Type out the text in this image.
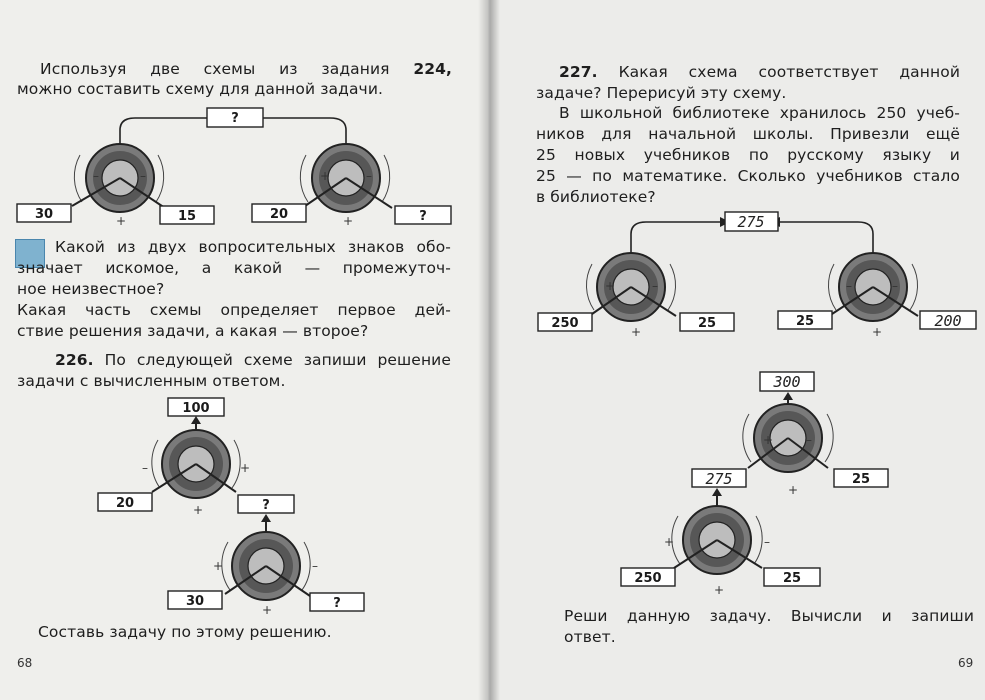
Используя две схемы из задания 224,
можно составить схему для данной задачи.
?
–	–
+
30	15
+	–
+
20	?
Какой из двух вопросительных знаков обо-
значает искомое, а какой — промежуточ-
ное неизвестное?
Какая часть схемы определяет первое дей-
ствие решения задачи, а какая — второе?
226. По следующей схеме запиши решение
задачи с вычисленным ответом.
100
–	+
+
20	?
+	–
+
30	?
Составь задачу по этому решению.
68
227. Какая схема соответствует данной
задаче? Перерисуй эту схему.
В школьной библиотеке хранилось 250 учеб-
ников для начальной школы. Привезли ещё
25 новых учебников по русскому языку и
25 — по математике. Сколько учебников стало
в библиотеке?
275
+	–
+
250	25
–	–
+
25	200
300
+	–
+
275	25
+	–
+
250	25
Реши данную задачу. Вычисли и запиши
ответ.
69
